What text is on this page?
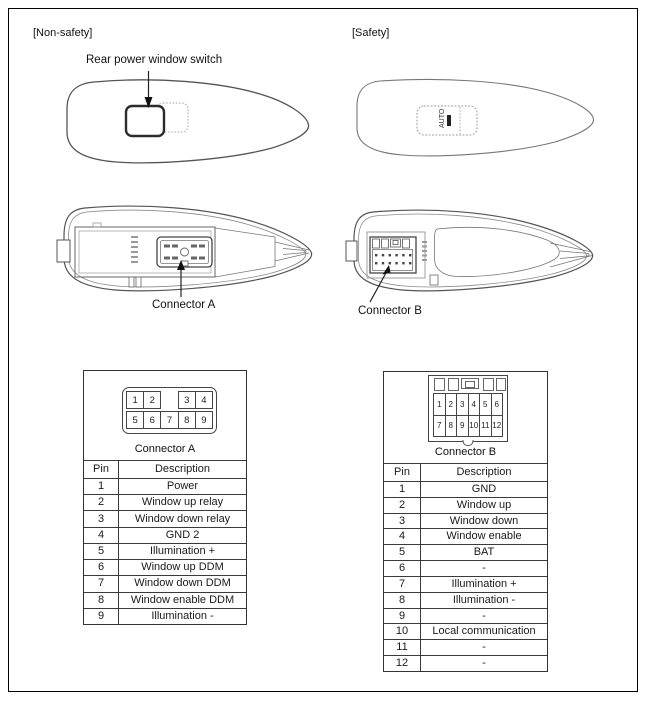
[Non-safety]	[Safety]
Rear power window switch
AUTO
Connector A	Connector B
1	2	3	4
5	6	7	8	9
Connector A
Pin	Description
1	Power
2	Window up relay
3	Window down relay
4	GND 2
5	Illumination +
6	Window up DDM
7	Window down DDM
8	Window enable DDM
9	Illumination -
1 2 3 4 5 6
7 8 9 10 11 12
Connector B
Pin	Description
1	GND
2	Window up
3	Window down
4	Window enable
5	BAT
6	-
7	Illumination +
8	Illumination -
9	-
10	Local communication
11	-
12	-
